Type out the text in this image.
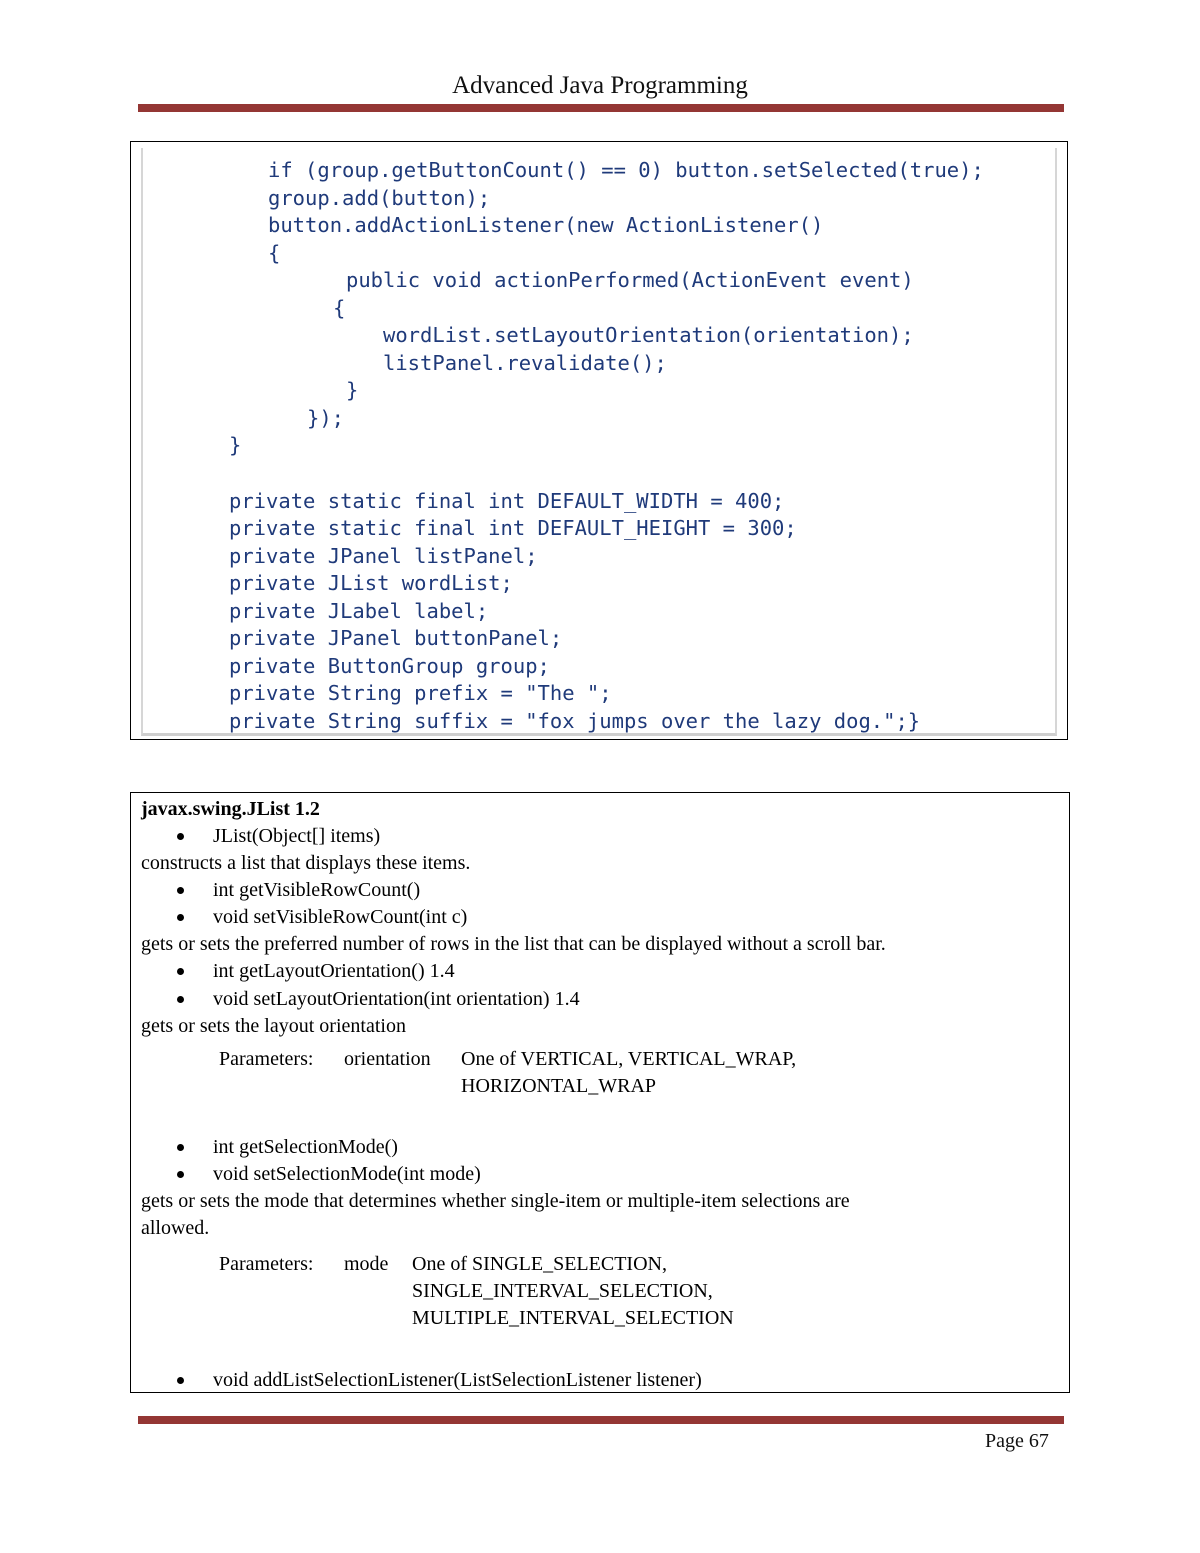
Advanced Java Programming
if (group.getButtonCount() == 0) button.setSelected(true);
group.add(button);
button.addActionListener(new ActionListener()
{
public void actionPerformed(ActionEvent event)
{
wordList.setLayoutOrientation(orientation);
listPanel.revalidate();
}
});
}
private static final int DEFAULT_WIDTH = 400;
private static final int DEFAULT_HEIGHT = 300;
private JPanel listPanel;
private JList wordList;
private JLabel label;
private JPanel buttonPanel;
private ButtonGroup group;
private String prefix = "The ";
private String suffix = "fox jumps over the lazy dog.";}
javax.swing.JList 1.2
JList(Object[] items)
constructs a list that displays these items.
int getVisibleRowCount()
void setVisibleRowCount(int c)
gets or sets the preferred number of rows in the list that can be displayed without a scroll bar.
int getLayoutOrientation() 1.4
void setLayoutOrientation(int orientation) 1.4
gets or sets the layout orientation
Parameters: orientation One of VERTICAL, VERTICAL_WRAP,
HORIZONTAL_WRAP
int getSelectionMode()
void setSelectionMode(int mode)
gets or sets the mode that determines whether single-item or multiple-item selections are
allowed.
Parameters: mode One of SINGLE_SELECTION,
SINGLE_INTERVAL_SELECTION,
MULTIPLE_INTERVAL_SELECTION
void addListSelectionListener(ListSelectionListener listener)
Page 67
